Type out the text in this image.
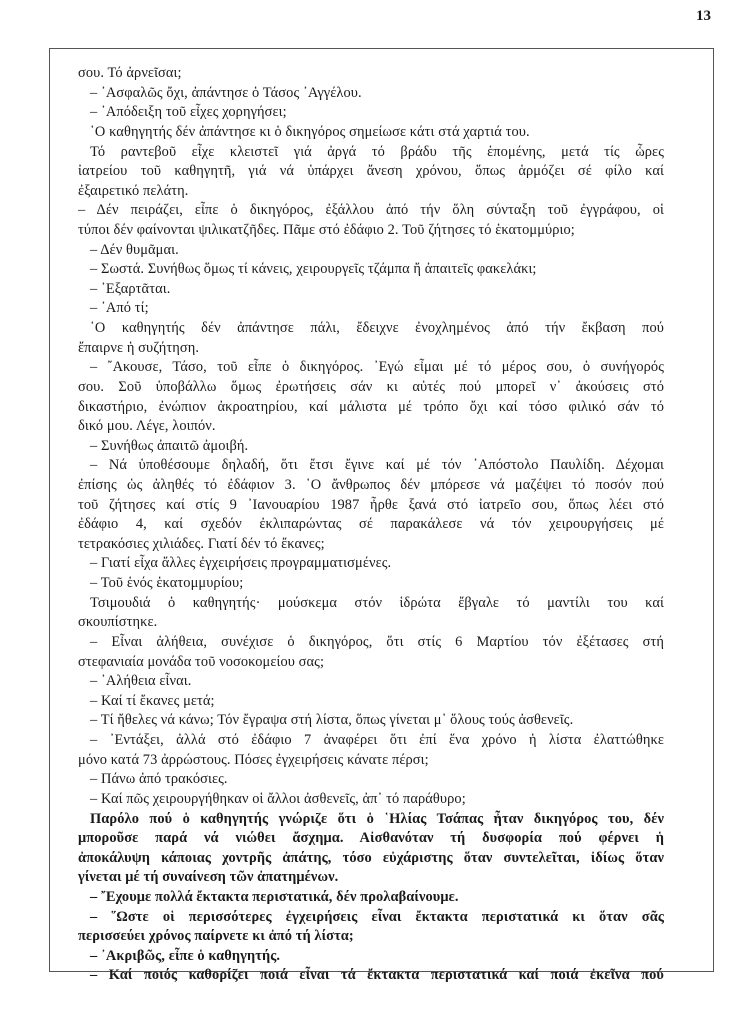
13
σου. Τό ἀρνεῖσαι;
– ᾿Ασφαλῶς ὄχι, ἀπάντησε ὁ Τάσος ᾿Αγγέλου.
– ᾿Απόδειξη τοῦ εἶχες χορηγήσει;
῾Ο καθηγητής δέν ἀπάντησε κι ὁ δικηγόρος σημείωσε κάτι στά χαρτιά του.
Τό ραντεβοῦ εἶχε κλειστεῖ γιά ἀργά τό βράδυ τῆς ἑπομένης, μετά τίς ὧρες
ἰατρείου τοῦ καθηγητῆ, γιά νά ὑπάρχει ἄνεση χρόνου, ὅπως ἁρμόζει σέ φίλο καί
ἐξαιρετικό πελάτη.
– Δέν πειράζει, εἶπε ὁ δικηγόρος, ἐξάλλου ἀπό τήν ὅλη σύνταξη τοῦ ἐγγράφου, οἱ
τύποι δέν φαίνονται ψιλικατζῆδες. Πᾶμε στό ἐδάφιο 2. Τοῦ ζήτησες τό ἑκατομμύριο;
– Δέν θυμᾶμαι.
– Σωστά. Συνήθως ὅμως τί κάνεις, χειρουργεῖς τζάμπα ἤ ἀπαιτεῖς φακελάκι;
– ᾿Εξαρτᾶται.
– ᾿Από τί;
῾Ο καθηγητής δέν ἀπάντησε πάλι, ἔδειχνε ἐνοχλημένος ἀπό τήν ἔκβαση πού
ἔπαιρνε ἡ συζήτηση.
– ῎Ακουσε, Τάσο, τοῦ εἶπε ὁ δικηγόρος. ᾿Εγώ εἶμαι μέ τό μέρος σου, ὁ συνήγορός
σου. Σοῦ ὑποβάλλω ὅμως ἐρωτήσεις σάν κι αὐτές πού μπορεῖ ν᾿ ἀκούσεις στό
δικαστήριο, ἐνώπιον ἀκροατηρίου, καί μάλιστα μέ τρόπο ὄχι καί τόσο φιλικό σάν τό
δικό μου. Λέγε, λοιπόν.
– Συνήθως ἀπαιτῶ ἀμοιβή.
– Νά ὑποθέσουμε δηλαδή, ὅτι ἔτσι ἔγινε καί μέ τόν ᾿Απόστολο Παυλίδη. Δέχομαι
ἐπίσης ὡς ἀληθές τό ἐδάφιον 3. ῾Ο ἄνθρωπος δέν μπόρεσε νά μαζέψει τό ποσόν πού
τοῦ ζήτησες καί στίς 9 ᾿Ιανουαρίου 1987 ἦρθε ξανά στό ἰατρεῖο σου, ὅπως λέει στό
ἐδάφιο 4, καί σχεδόν ἐκλιπαρώντας σέ παρακάλεσε νά τόν χειρουργήσεις μέ
τετρακόσιες χιλιάδες. Γιατί δέν τό ἔκανες;
– Γιατί εἶχα ἄλλες ἐγχειρήσεις προγραμματισμένες.
– Τοῦ ἑνός ἑκατομμυρίου;
Τσιμουδιά ὁ καθηγητής· μούσκεμα στόν ἱδρώτα ἔβγαλε τό μαντίλι του καί
σκουπίστηκε.
– Εἶναι ἀλήθεια, συνέχισε ὁ δικηγόρος, ὅτι στίς 6 Μαρτίου τόν ἐξέτασες στή
στεφανιαία μονάδα τοῦ νοσοκομείου σας;
– ᾿Αλήθεια εἶναι.
– Καί τί ἔκανες μετά;
– Τί ἤθελες νά κάνω; Τόν ἔγραψα στή λίστα, ὅπως γίνεται μ᾿ ὅλους τούς ἀσθενεῖς.
– ᾿Εντάξει, ἀλλά στό ἐδάφιο 7 ἀναφέρει ὅτι ἐπί ἕνα χρόνο ἡ λίστα ἐλαττώθηκε
μόνο κατά 73 ἀρρώστους. Πόσες ἐγχειρήσεις κάνατε πέρσι;
– Πάνω ἀπό τρακόσιες.
– Καί πῶς χειρουργήθηκαν οἱ ἄλλοι ἀσθενεῖς, ἀπ᾿ τό παράθυρο;
Παρόλο πού ὁ καθηγητής γνώριζε ὅτι ὁ ῾Ηλίας Τσάπας ἦταν δικηγόρος του, δέν
μποροῦσε παρά νά νιώθει ἄσχημα. Αἰσθανόταν τή δυσφορία πού φέρνει ἡ
ἀποκάλυψη κάποιας χοντρῆς ἀπάτης, τόσο εὐχάριστης ὅταν συντελεῖται, ἰδίως ὅταν
γίνεται μέ τή συναίνεση τῶν ἀπατημένων.
– ῎Εχουμε πολλά ἔκτακτα περιστατικά, δέν προλαβαίνουμε.
– ῞Ωστε οἱ περισσότερες ἐγχειρήσεις εἶναι ἔκτακτα περιστατικά κι ὅταν σᾶς
περισσεύει χρόνος παίρνετε κι ἀπό τή λίστα;
– ᾿Ακριβῶς, εἶπε ὁ καθηγητής.
– Καί ποιός καθορίζει ποιά εἶναι τά ἔκτακτα περιστατικά καί ποιά ἐκεῖνα πού
